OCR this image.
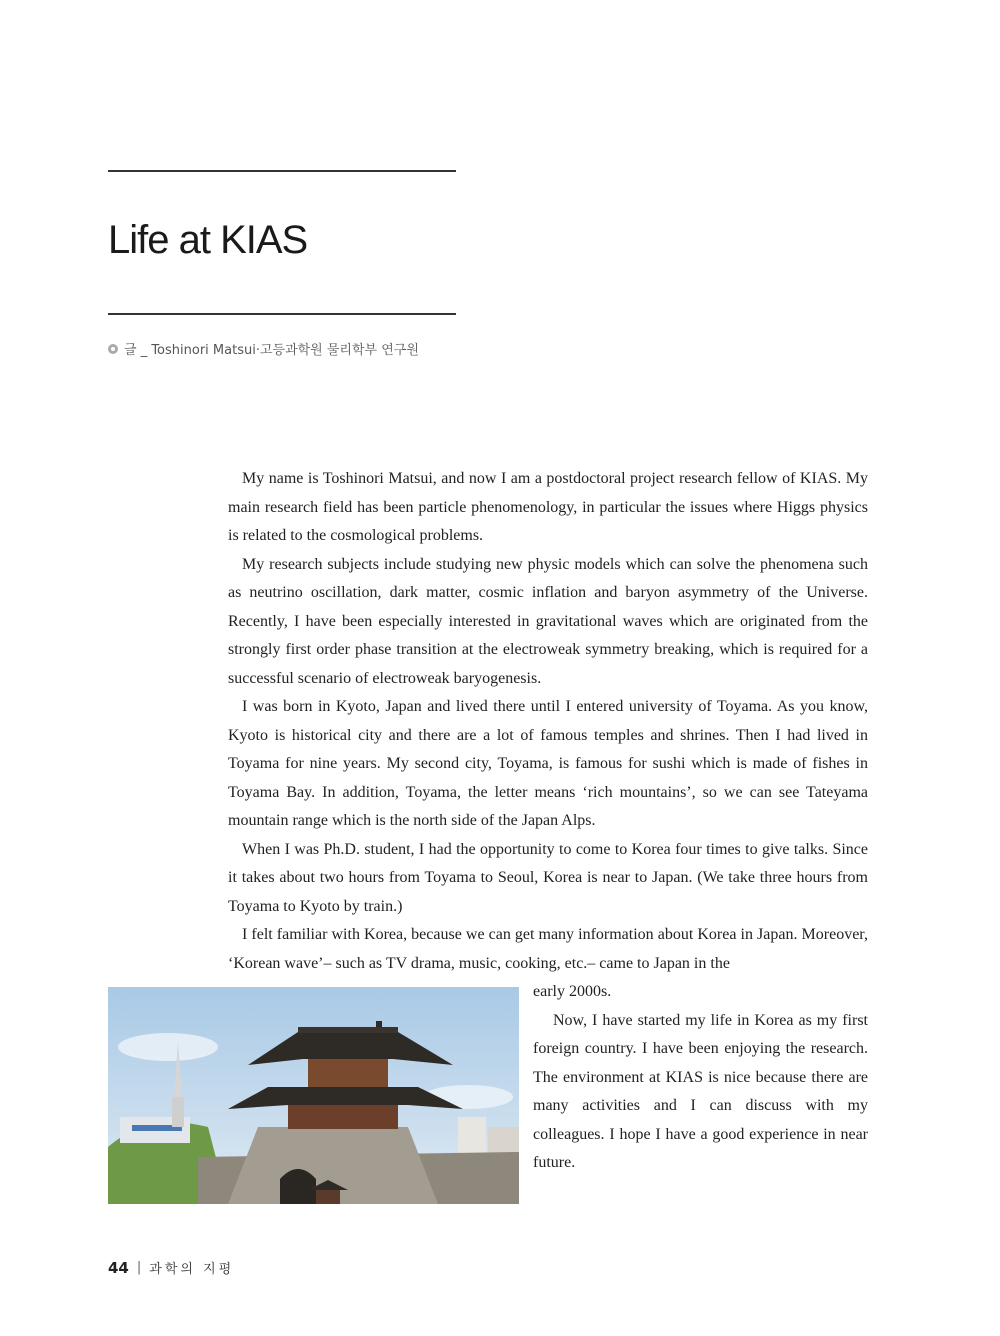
Life at KIAS
글 _ Toshinori Matsui·고등과학원 물리학부 연구원

My name is Toshinori Matsui, and now I am a postdoctoral project research fellow of KIAS. My main research field has been particle phenomenology, in particular the issues where Higgs physics is related to the cosmological problems.

My research subjects include studying new physic models which can solve the phenomena such as neutrino oscillation, dark matter, cosmic inflation and baryon asymmetry of the Universe. Recently, I have been especially interested in gravitational waves which are originated from the strongly first order phase transition at the electroweak symmetry breaking, which is required for a successful scenario of electroweak baryogenesis.

I was born in Kyoto, Japan and lived there until I entered university of Toyama. As you know, Kyoto is historical city and there are a lot of famous temples and shrines. Then I had lived in Toyama for nine years. My second city, Toyama, is famous for sushi which is made of fishes in Toyama Bay. In addition, Toyama, the letter means ‘rich mountains’, so we can see Tateyama mountain range which is the north side of the Japan Alps.

When I was Ph.D. student, I had the opportunity to come to Korea four times to give talks. Since it takes about two hours from Toyama to Seoul, Korea is near to Japan. (We take three hours from Toyama to Kyoto by train.)

I felt familiar with Korea, because we can get many information about Korea in Japan. Moreover, ‘Korean wave’– such as TV drama, music, cooking, etc.– came to Japan in the

early 2000s.

Now, I have started my life in Korea as my first foreign country. I have been enjoying the research. The environment at KIAS is nice because there are many activities and I can discuss with my colleagues. I hope I have a good experience in near future.

44 | 과학의 지평
